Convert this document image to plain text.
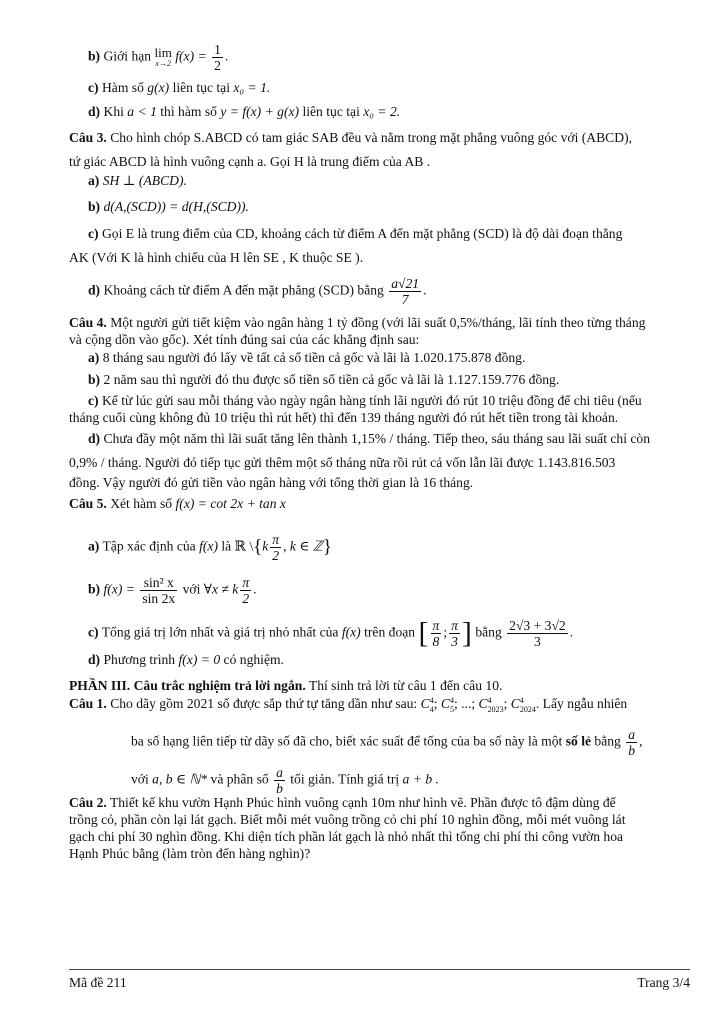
b) Giới hạn lim
x→2 $f(x) = \frac{1}{2}$ .
c) Hàm số g(x) liên tục tại x₀ = 1.
d) Khi a < 1 thì hàm số y = f(x) + g(x) liên tục tại x₀ = 2.
Câu 3. Cho hình chóp S.ABCD có tam giác SAB đều và nằm trong mặt phẳng vuông góc với (ABCD),
tứ giác ABCD là hình vuông cạnh a. Gọi H là trung điểm của AB .
a) SH ⊥ (ABCD).
b) d(A,(SCD)) = d(H,(SCD)).
c) Gọi E là trung điểm của CD, khoảng cách từ điểm A đến mặt phẳng (SCD) là độ dài đoạn thẳng
AK (Với K là hình chiếu của H lên SE , K thuộc SE ).
d) Khoảng cách từ điểm A đến mặt phẳng (SCD) bằng $\frac{a√21}{7}$ .
Câu 4. Một người gửi tiết kiệm vào ngân hàng 1 tỷ đồng (với lãi suất 0,5%/tháng, lãi tính theo từng tháng
và cộng dồn vào gốc). Xét tính đúng sai của các khẳng định sau:
a) 8 tháng sau người đó lấy về tất cả số tiền cả gốc và lãi là 1.020.175.878 đồng.
b) 2 năm sau thì người đó thu được số tiền số tiền cả gốc và lãi là 1.127.159.776 đồng.
c) Kể từ lúc gửi sau mỗi tháng vào ngày ngân hàng tính lãi người đó rút 10 triệu đồng để chi tiêu (nếu
tháng cuối cùng không đủ 10 triệu thì rút hết) thì đến 139 tháng người đó rút hết tiền trong tài khoản.
d) Chưa đầy một năm thì lãi suất tăng lên thành 1,15% / tháng. Tiếp theo, sáu tháng sau lãi suất chỉ còn
0,9% / tháng. Người đó tiếp tục gửi thêm một số tháng nữa rồi rút cả vốn lẫn lãi được 1.143.816.503
đồng. Vậy người đó gửi tiền vào ngân hàng với tổng thời gian là 16 tháng.
Câu 5. Xét hàm số f(x) = cot 2x + tan x
a) Tập xác định của f(x) là ℝ \{k $\frac{\pi}{2}$ , k ∈ ℤ}
b) $f(x) = \frac{\text{sin² x}}{\sin 2x}$ với ∀x ≠ k $\frac{\pi}{2}$ .
c) Tổng giá trị lớn nhất và giá trị nhỏ nhất của f(x) trên đoạn [ $\frac{\pi}{8}$ ; $\frac{\pi}{3}$ ] bằng $\frac{2√3 + 3√2}{3}$ .
d) Phương trình f(x) = 0 có nghiệm.
PHẦN III. Câu trắc nghiệm trả lời ngắn. Thí sinh trả lời từ câu 1 đến câu 10.
Câu 1. Cho dãy gồm 2021 số được sắp thứ tự tăng dần như sau: C 4
4 ; C 4
5 ; ...; C 4
2023 ; C 4
2024 . Lấy ngẫu nhiên
ba số hạng liên tiếp từ dãy số đã cho, biết xác suất để tổng của ba số này là một số lẻ bằng $\frac{a}{b}$ ,
với a, b ∈ ℕ* và phân số $\frac{a}{b}$ tối giản. Tính giá trị a + b .
Câu 2. Thiết kế khu vườn Hạnh Phúc hình vuông cạnh 10m như hình vẽ. Phần được tô đậm dùng để
trồng cỏ, phần còn lại lát gạch. Biết mỗi mét vuông trồng cỏ chi phí 10 nghìn đồng, mỗi mét vuông lát
gạch chi phí 30 nghìn đồng. Khi diện tích phần lát gạch là nhỏ nhất thì tổng chi phí thi công vườn hoa
Hạnh Phúc bằng (làm tròn đến hàng nghìn)?
Mã đề 211	Trang 3/4
